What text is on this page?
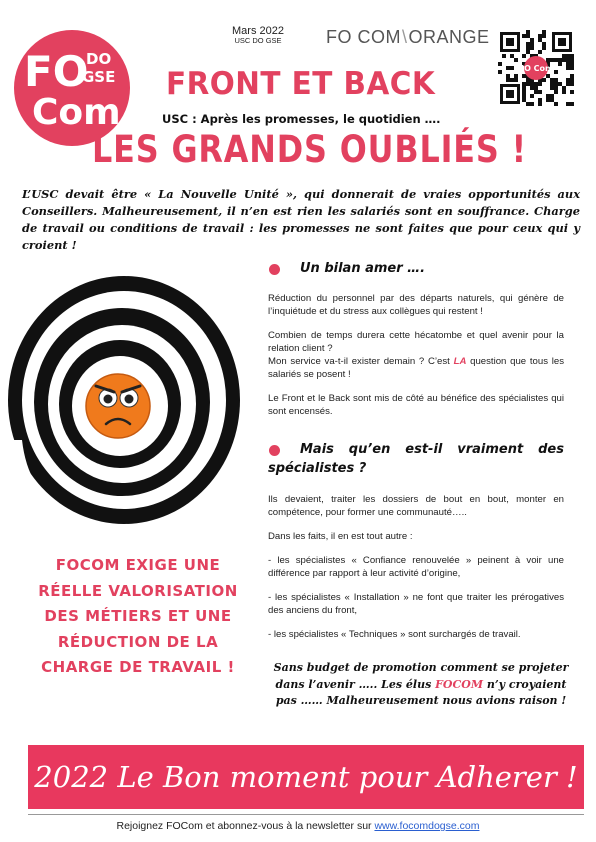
FO
DO
GSE
Com
Mars 2022
USC DO GSE FO COM\ORANGE
FO Com
FRONT ET BACK
USC : Après les promesses, le quotidien ….
LES GRANDS OUBLIÉS !
L’USC devait être « La Nouvelle Unité », qui donnerait de vraies opportunités aux Conseillers. Malheureusement, il n’en est rien les salariés sont en souffrance. Charge de travail ou conditions de travail : les promesses ne sont faites que pour ceux qui y croient !
Un bilan amer ….

Réduction du personnel par des départs naturels, qui génère de l’inquiétude et du stress aux collègues qui restent !

Combien de temps durera cette hécatombe et quel avenir pour la relation client ?

Mon service va-t-il exister demain ? C’est LA question que tous les salariés se posent !

Le Front et le Back sont mis de côté au bénéfice des spécialistes qui sont encensés.

Mais qu’en est-il vraiment des spécialistes ?

Ils devaient, traiter les dossiers de bout en bout, monter en compétence, pour former une communauté…..

Dans les faits, il en est tout autre :

- les spécialistes « Confiance renouvelée » peinent à voir une différence par rapport à leur activité d’origine,

- les spécialistes « Installation » ne font que traiter les prérogatives des anciens du front,

- les spécialistes « Techniques » sont surchargés de travail.

FOCOM EXIGE UNE RÉELLE VALORISATION DES MÉTIERS ET UNE RÉDUCTION DE LA CHARGE DE TRAVAIL !	Sans budget de promotion comment se projeter dans l’avenir ….. Les élus FOCOM n’y croyaient pas …… Malheureusement nous avions raison !
2022 Le Bon moment pour Adherer !
Rejoignez FOCom et abonnez-vous à la newsletter sur www.focomdogse.com
